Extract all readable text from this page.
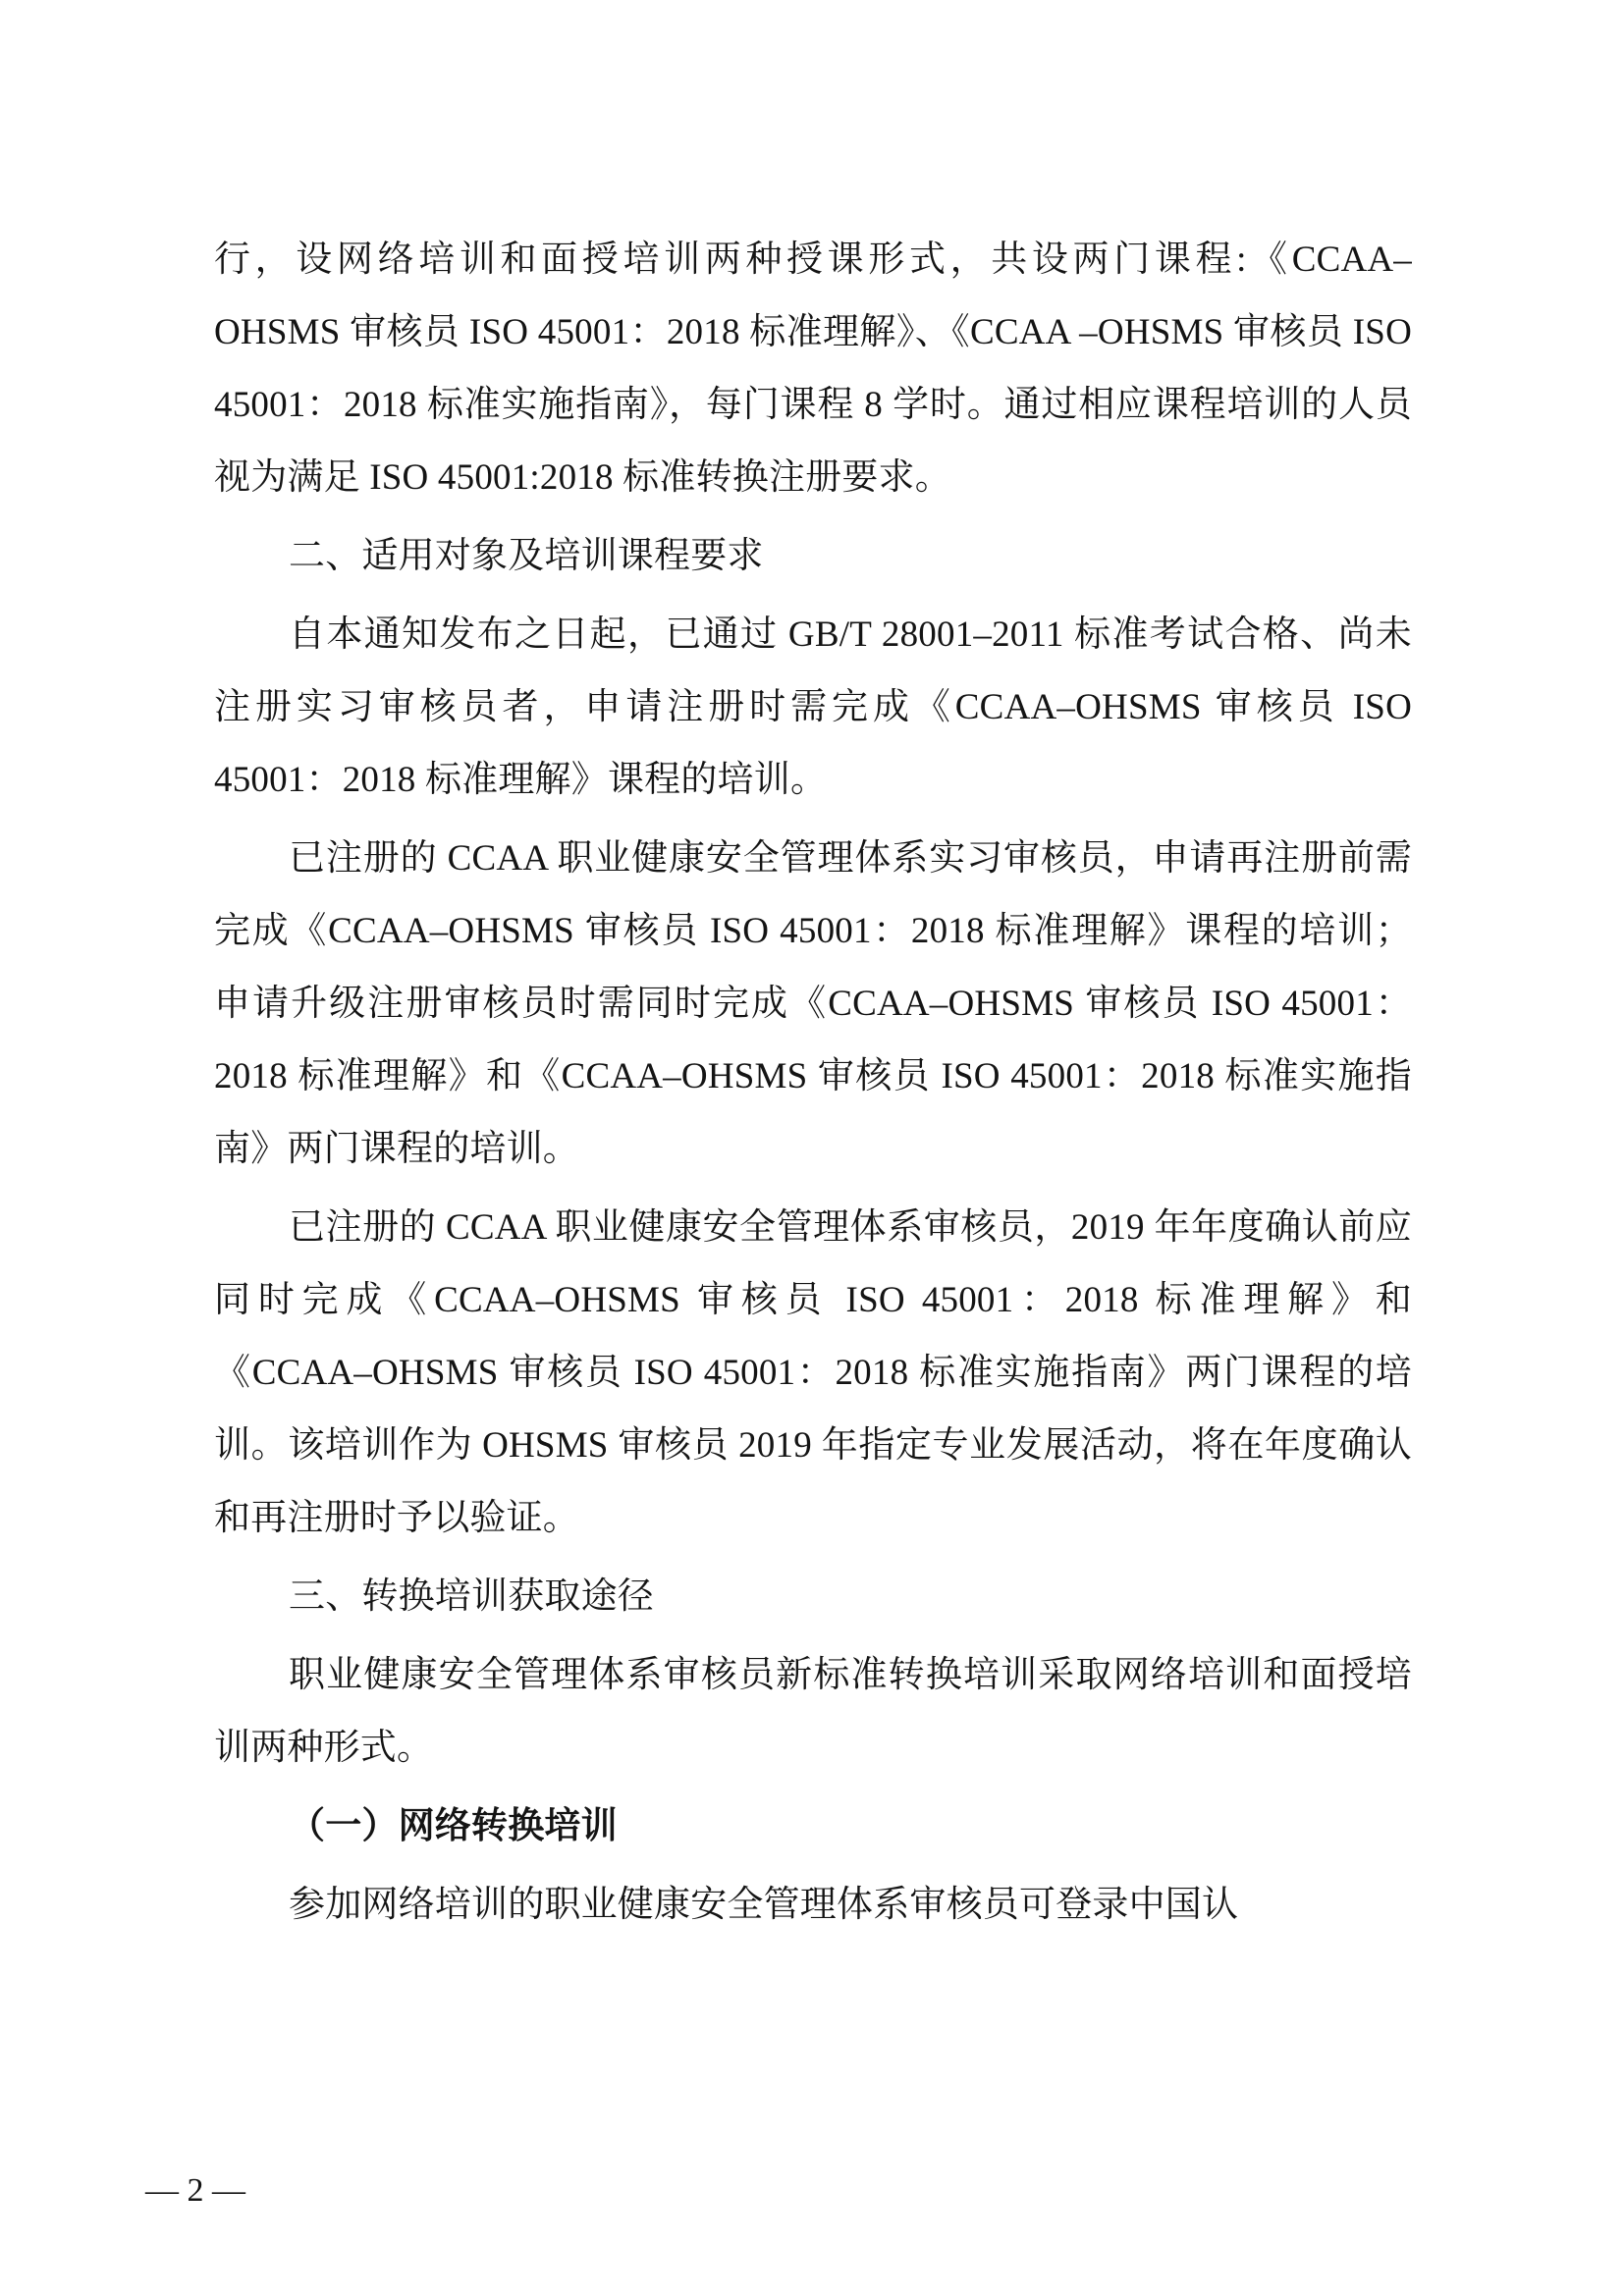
行，设网络培训和面授培训两种授课形式，共设两门课程:《CCAA–OHSMS 审核员 ISO 45001：2018 标准理解》、《CCAA –OHSMS 审核员 ISO 45001：2018 标准实施指南》，每门课程 8 学时。通过相应课程培训的人员视为满足 ISO 45001:2018 标准转换注册要求。

二、适用对象及培训课程要求

自本通知发布之日起，已通过 GB/T 28001–2011 标准考试合格、尚未注册实习审核员者，申请注册时需完成《CCAA–OHSMS 审核员 ISO 45001：2018 标准理解》课程的培训。

已注册的 CCAA 职业健康安全管理体系实习审核员，申请再注册前需完成《CCAA–OHSMS 审核员 ISO 45001：2018 标准理解》课程的培训；申请升级注册审核员时需同时完成《CCAA–OHSMS 审核员 ISO 45001：2018 标准理解》和《CCAA–OHSMS 审核员 ISO 45001：2018 标准实施指南》两门课程的培训。

已注册的 CCAA 职业健康安全管理体系审核员，2019 年年度确认前应同时完成《CCAA–OHSMS 审核员 ISO 45001：2018 标准理解》和《CCAA–OHSMS 审核员 ISO 45001：2018 标准实施指南》两门课程的培训。该培训作为 OHSMS 审核员 2019 年指定专业发展活动，将在年度确认和再注册时予以验证。

三、转换培训获取途径

职业健康安全管理体系审核员新标准转换培训采取网络培训和面授培训两种形式。

（一）网络转换培训

参加网络培训的职业健康安全管理体系审核员可登录中国认

— 2 —
